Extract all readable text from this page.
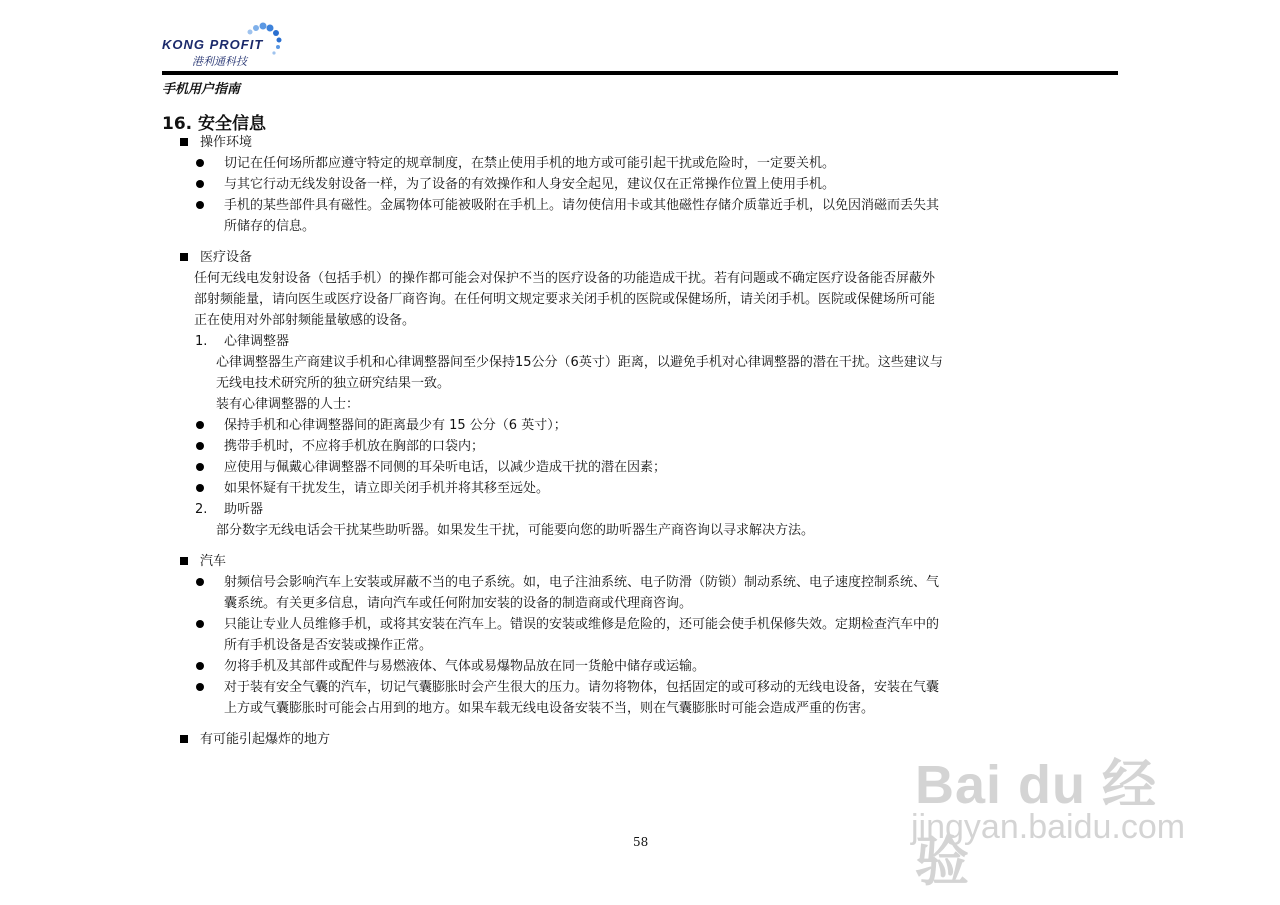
KONG PROFIT
港利通科技
手机用户指南
16. 安全信息
操作环境
切记在任何场所都应遵守特定的规章制度，在禁止使用手机的地方或可能引起干扰或危险时，一定要关机。
与其它行动无线发射设备一样，为了设备的有效操作和人身安全起见，建议仅在正常操作位置上使用手机。
手机的某些部件具有磁性。金属物体可能被吸附在手机上。请勿使信用卡或其他磁性存储介质靠近手机，以免因消磁而丢失其
所储存的信息。
医疗设备
任何无线电发射设备（包括手机）的操作都可能会对保护不当的医疗设备的功能造成干扰。若有问题或不确定医疗设备能否屏蔽外
部射频能量，请向医生或医疗设备厂商咨询。在任何明文规定要求关闭手机的医院或保健场所，请关闭手机。医院或保健场所可能
正在使用对外部射频能量敏感的设备。
1. 心律调整器
心律调整器生产商建议手机和心律调整器间至少保持15公分（6英寸）距离，以避免手机对心律调整器的潜在干扰。这些建议与
无线电技术研究所的独立研究结果一致。
装有心律调整器的人士：
保持手机和心律调整器间的距离最少有 15 公分（6 英寸）；
携带手机时，不应将手机放在胸部的口袋内；
应使用与佩戴心律调整器不同侧的耳朵听电话，以减少造成干扰的潜在因素；
如果怀疑有干扰发生，请立即关闭手机并将其移至远处。
2. 助听器
部分数字无线电话会干扰某些助听器。如果发生干扰，可能要向您的助听器生产商咨询以寻求解决方法。
汽车
射频信号会影响汽车上安装或屏蔽不当的电子系统。如，电子注油系统、电子防滑（防锁）制动系统、电子速度控制系统、气
囊系统。有关更多信息，请向汽车或任何附加安装的设备的制造商或代理商咨询。
只能让专业人员维修手机，或将其安装在汽车上。错误的安装或维修是危险的，还可能会使手机保修失效。定期检查汽车中的
所有手机设备是否安装或操作正常。
勿将手机及其部件或配件与易燃液体、气体或易爆物品放在同一货舱中储存或运输。
对于装有安全气囊的汽车，切记气囊膨胀时会产生很大的压力。请勿将物体，包括固定的或可移动的无线电设备，安装在气囊
上方或气囊膨胀时可能会占用到的地方。如果车载无线电设备安装不当，则在气囊膨胀时可能会造成严重的伤害。
有可能引起爆炸的地方
58
Bai du 经验
jingyan.baidu.com
